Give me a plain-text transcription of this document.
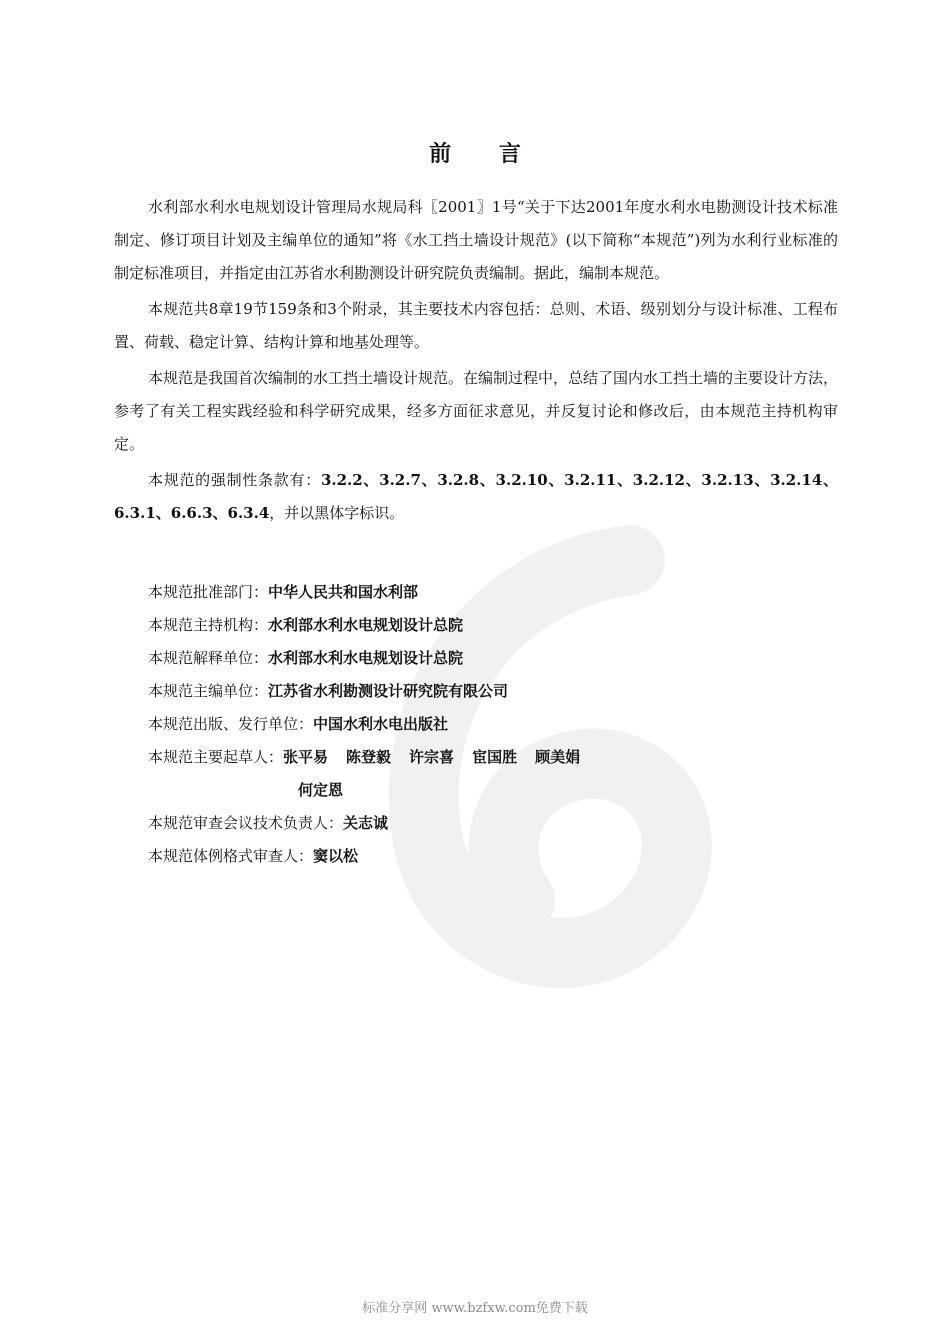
前 言

水利部水利水电规划设计管理局水规局科〖2001〗1号“关于下达2001年度水利水电勘测设计技术标准制定、修订项目计划及主编单位的通知”将《水工挡土墙设计规范》(以下简称“本规范”)列为水利行业标准的制定标准项目，并指定由江苏省水利勘测设计研究院负责编制。据此，编制本规范。

本规范共8章19节159条和3个附录，其主要技术内容包括：总则、术语、级别划分与设计标准、工程布置、荷载、稳定计算、结构计算和地基处理等。

本规范是我国首次编制的水工挡土墙设计规范。在编制过程中，总结了国内水工挡土墙的主要设计方法，参考了有关工程实践经验和科学研究成果，经多方面征求意见，并反复讨论和修改后，由本规范主持机构审定。

本规范的强制性条款有：3.2.2、3.2.7、3.2.8、3.2.10、3.2.11、3.2.12、3.2.13、3.2.14、6.3.1、6.6.3、6.3.4，并以黑体字标识。

本规范批准部门：中华人民共和国水利部
本规范主持机构：水利部水利水电规划设计总院
本规范解释单位：水利部水利水电规划设计总院
本规范主编单位：江苏省水利勘测设计研究院有限公司
本规范出版、发行单位：中国水利水电出版社
本规范主要起草人：张平易 陈登毅 许宗喜 宦国胜 顾美娟
何定恩
本规范审查会议技术负责人：关志诚
本规范体例格式审查人：窦以松
标准分享网 www.bzfxw.com免费下载
